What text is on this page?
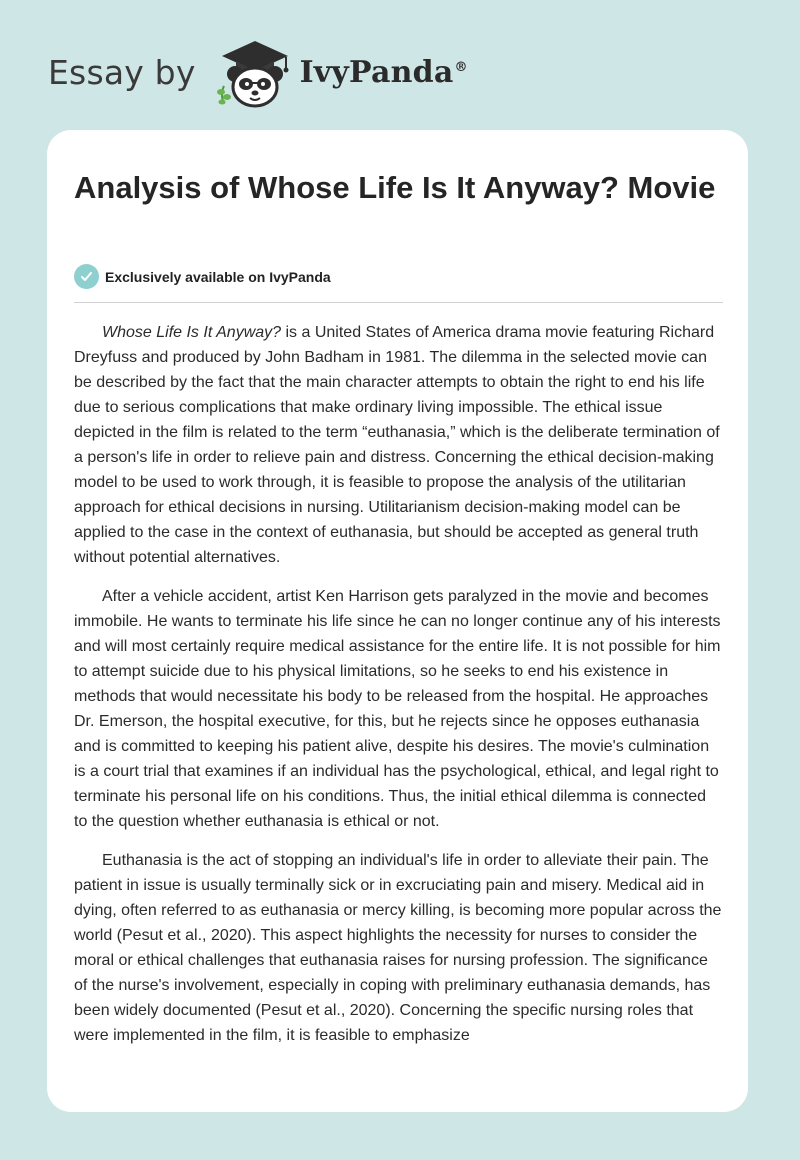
Essay by	IvyPanda®
Analysis of Whose Life Is It Anyway? Movie
Exclusively available on IvyPanda

Whose Life Is It Anyway? is a United States of America drama movie featuring Richard Dreyfuss and produced by John Badham in 1981. The dilemma in the selected movie can be described by the fact that the main character attempts to obtain the right to end his life due to serious complications that make ordinary living impossible. The ethical issue depicted in the film is related to the term “euthanasia,” which is the deliberate termination of a person's life in order to relieve pain and distress. Concerning the ethical decision-making model to be used to work through, it is feasible to propose the analysis of the utilitarian approach for ethical decisions in nursing. Utilitarianism decision-making model can be applied to the case in the context of euthanasia, but should be accepted as general truth without potential alternatives.

After a vehicle accident, artist Ken Harrison gets paralyzed in the movie and becomes immobile. He wants to terminate his life since he can no longer continue any of his interests and will most certainly require medical assistance for the entire life. It is not possible for him to attempt suicide due to his physical limitations, so he seeks to end his existence in methods that would necessitate his body to be released from the hospital. He approaches Dr. Emerson, the hospital executive, for this, but he rejects since he opposes euthanasia and is committed to keeping his patient alive, despite his desires. The movie's culmination is a court trial that examines if an individual has the psychological, ethical, and legal right to terminate his personal life on his conditions. Thus, the initial ethical dilemma is connected to the question whether euthanasia is ethical or not.

Euthanasia is the act of stopping an individual's life in order to alleviate their pain. The patient in issue is usually terminally sick or in excruciating pain and misery. Medical aid in dying, often referred to as euthanasia or mercy killing, is becoming more popular across the world (Pesut et al., 2020). This aspect highlights the necessity for nurses to consider the moral or ethical challenges that euthanasia raises for nursing profession. The significance of the nurse's involvement, especially in coping with preliminary euthanasia demands, has been widely documented (Pesut et al., 2020). Concerning the specific nursing roles that were implemented in the film, it is feasible to emphasize
